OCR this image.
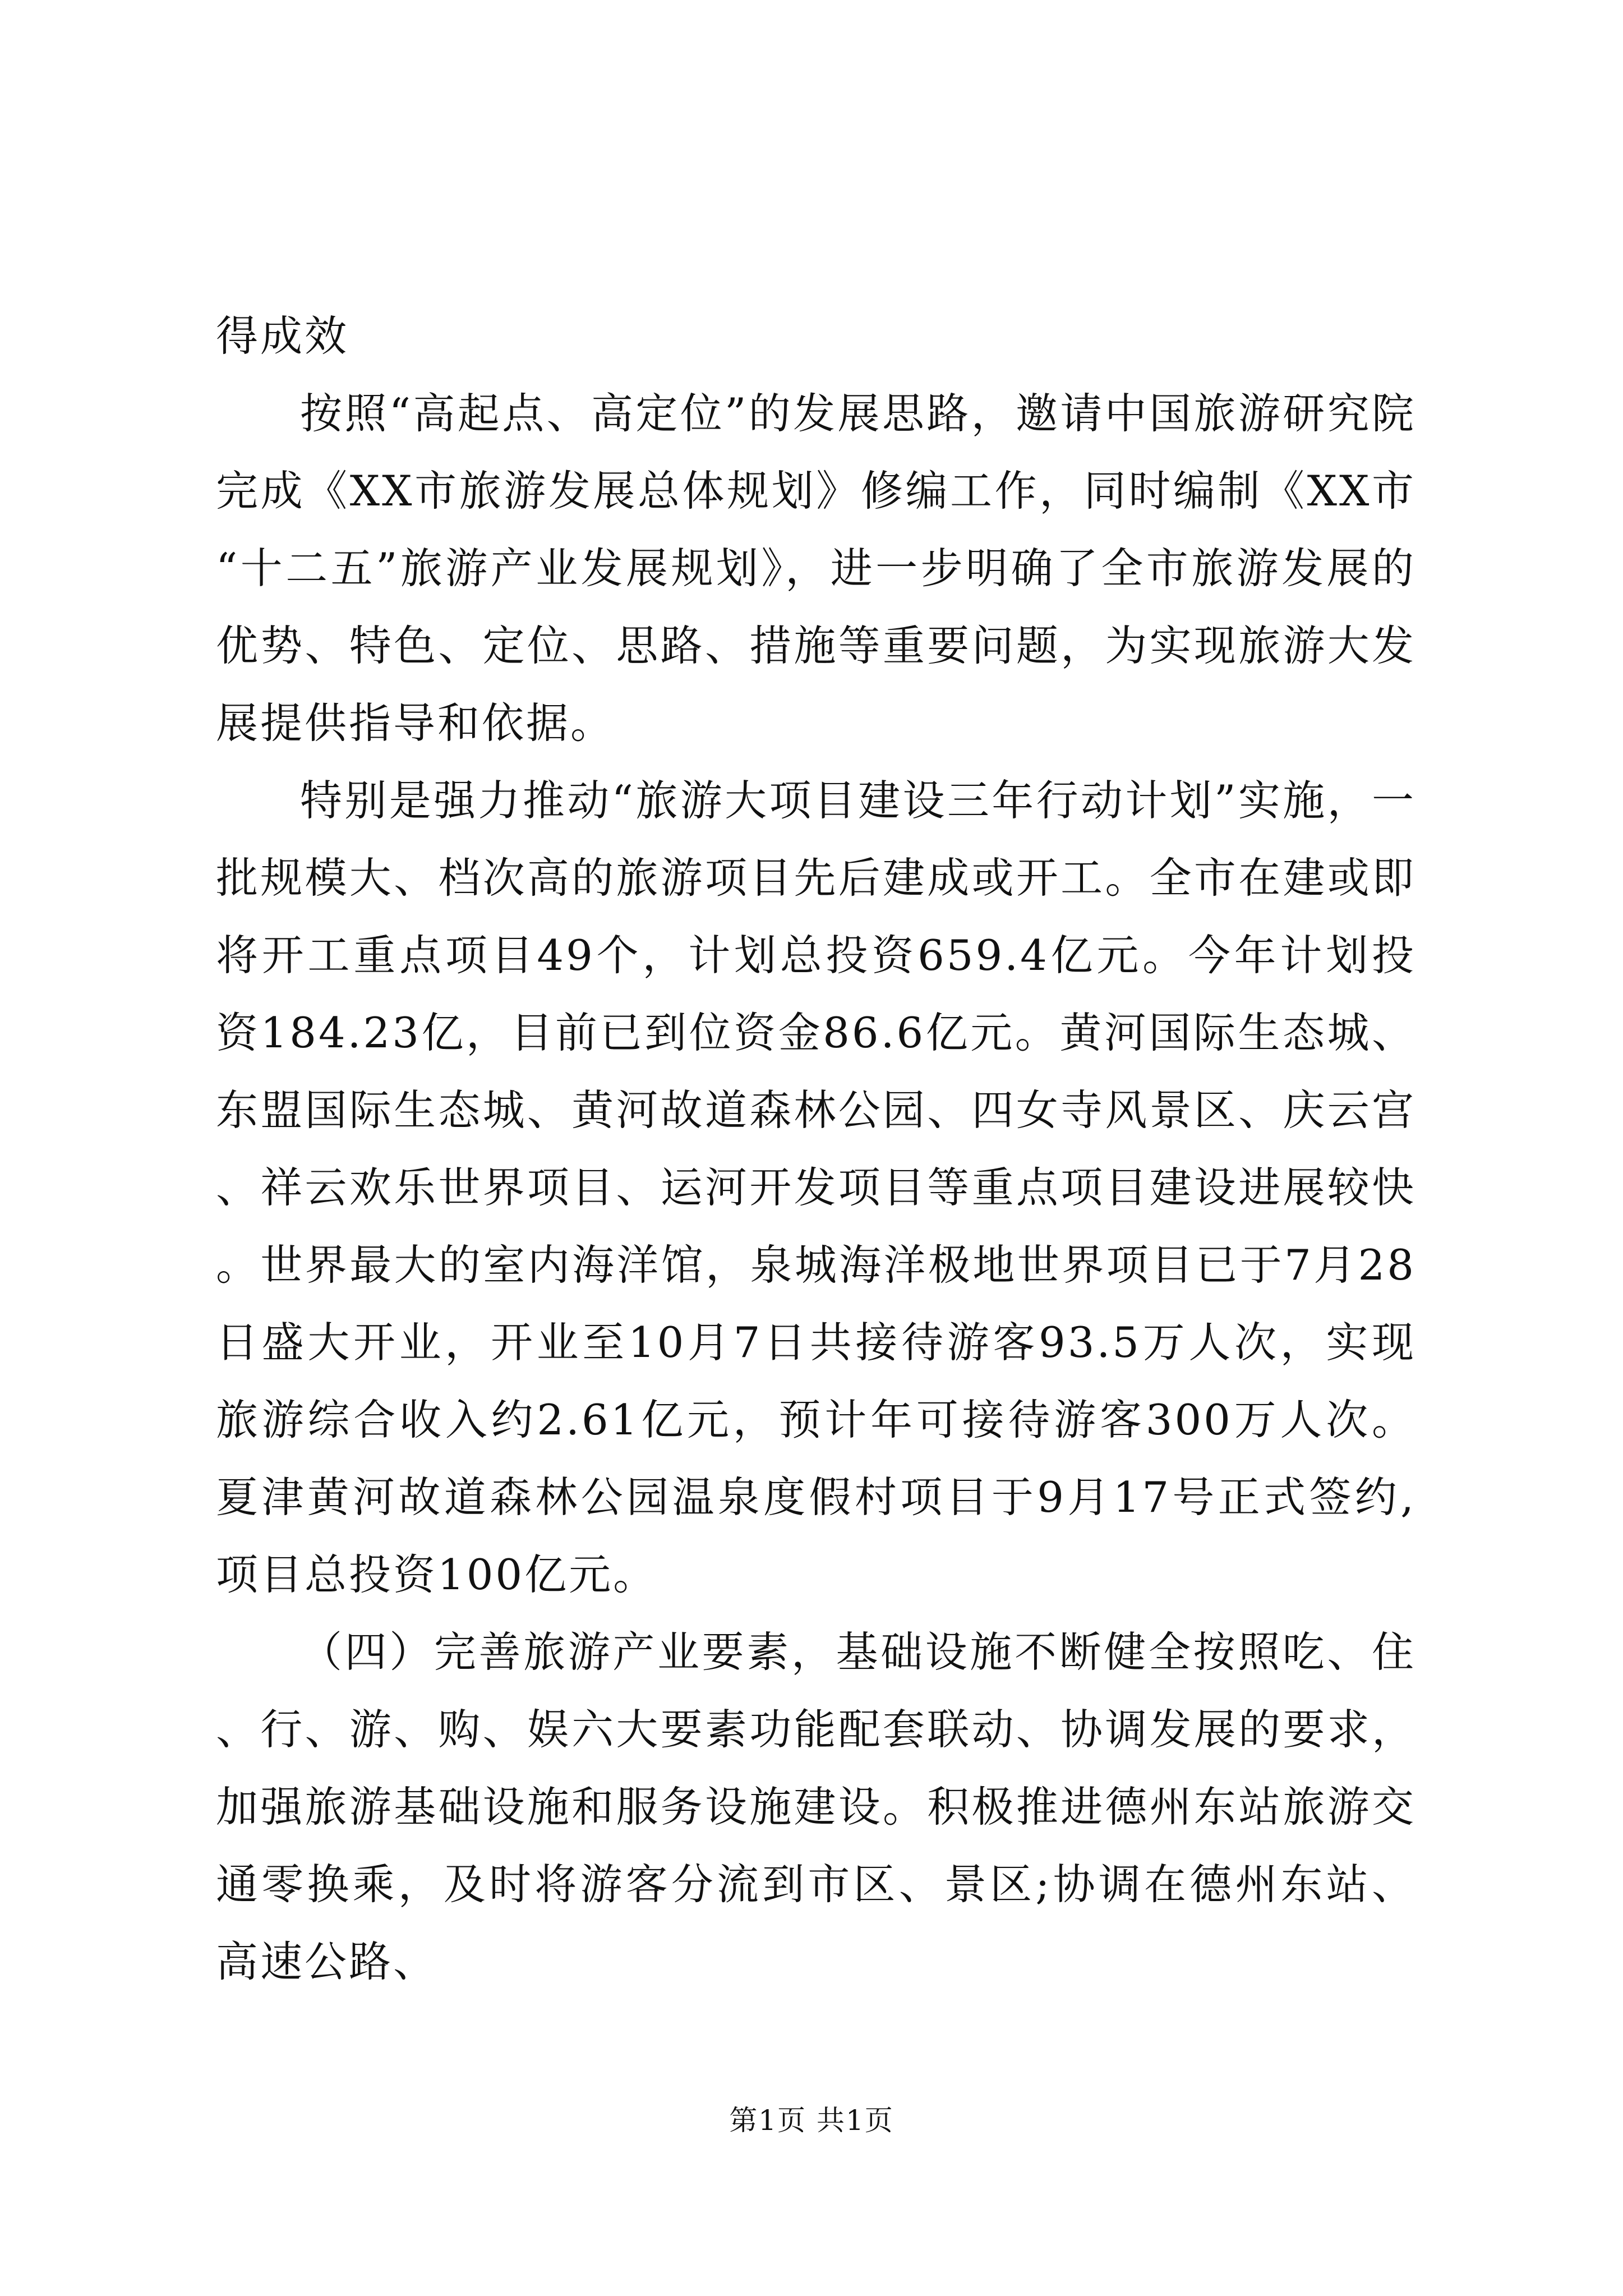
得成效

按照“高起点、高定位”的发展思路，邀请中国旅游研究院完成《XX市旅游发展总体规划》修编工作，同时编制《XX市“十二五”旅游产业发展规划》，进一步明确了全市旅游发展的优势、特色、定位、思路、措施等重要问题，为实现旅游大发展提供指导和依据。

特别是强力推动“旅游大项目建设三年行动计划”实施，一批规模大、档次高的旅游项目先后建成或开工。全市在建或即将开工重点项目49个，计划总投资659.4亿元。今年计划投资184.23亿，目前已到位资金86.6亿元。黄河国际生态城、东盟国际生态城、黄河故道森林公园、四女寺风景区、庆云宫、祥云欢乐世界项目、运河开发项目等重点项目建设进展较快。世界最大的室内海洋馆，泉城海洋极地世界项目已于7月28日盛大开业，开业至10月7日共接待游客93.5万人次，实现旅游综合收入约2.61亿元，预计年可接待游客300万人次。夏津黄河故道森林公园温泉度假村项目于9月17号正式签约,项目总投资100亿元。

（四）完善旅游产业要素，基础设施不断健全按照吃、住、行、游、购、娱六大要素功能配套联动、协调发展的要求，加强旅游基础设施和服务设施建设。积极推进德州东站旅游交通零换乘，及时将游客分流到市区、景区;协调在德州东站、高速公路、

第1页 共1页
